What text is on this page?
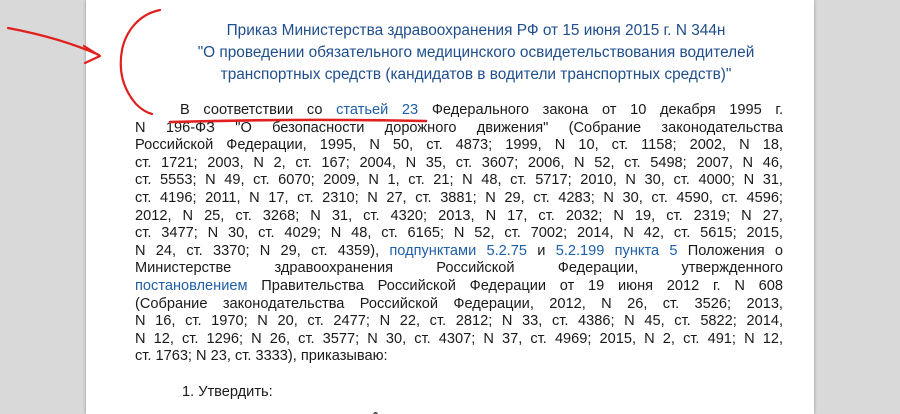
Приказ Министерства здравоохранения РФ от 15 июня 2015 г. N 344н
"О проведении обязательного медицинского освидетельствования водителей
транспортных средств (кандидатов в водители транспортных средств)"
В соответствии со статьей 23 Федерального закона от 10 декабря 1995 г.
N 196-ФЗ "О безопасности дорожного движения" (Собрание законодательства
Российской Федерации, 1995, N 50, ст. 4873; 1999, N 10, ст. 1158; 2002, N 18,
ст. 1721; 2003, N 2, ст. 167; 2004, N 35, ст. 3607; 2006, N 52, ст. 5498; 2007, N 46,
ст. 5553; N 49, ст. 6070; 2009, N 1, ст. 21; N 48, ст. 5717; 2010, N 30, ст. 4000; N 31,
ст. 4196; 2011, N 17, ст. 2310; N 27, ст. 3881; N 29, ст. 4283; N 30, ст. 4590, ст. 4596;
2012, N 25, ст. 3268; N 31, ст. 4320; 2013, N 17, ст. 2032; N 19, ст. 2319; N 27,
ст. 3477; N 30, ст. 4029; N 48, ст. 6165; N 52, ст. 7002; 2014, N 42, ст. 5615; 2015,
N 24, ст. 3370; N 29, ст. 4359), подпунктами 5.2.75 и 5.2.199 пункта 5 Положения о
Министерстве здравоохранения Российской Федерации, утвержденного
постановлением Правительства Российской Федерации от 19 июня 2012 г. N 608
(Собрание законодательства Российской Федерации, 2012, N 26, ст. 3526; 2013,
N 16, ст. 1970; N 20, ст. 2477; N 22, ст. 2812; N 33, ст. 4386; N 45, ст. 5822; 2014,
N 12, ст. 1296; N 26, ст. 3577; N 30, ст. 4307; N 37, ст. 4969; 2015, N 2, ст. 491; N 12,
ст. 1763; N 23, ст. 3333), приказываю:
1. Утвердить:
